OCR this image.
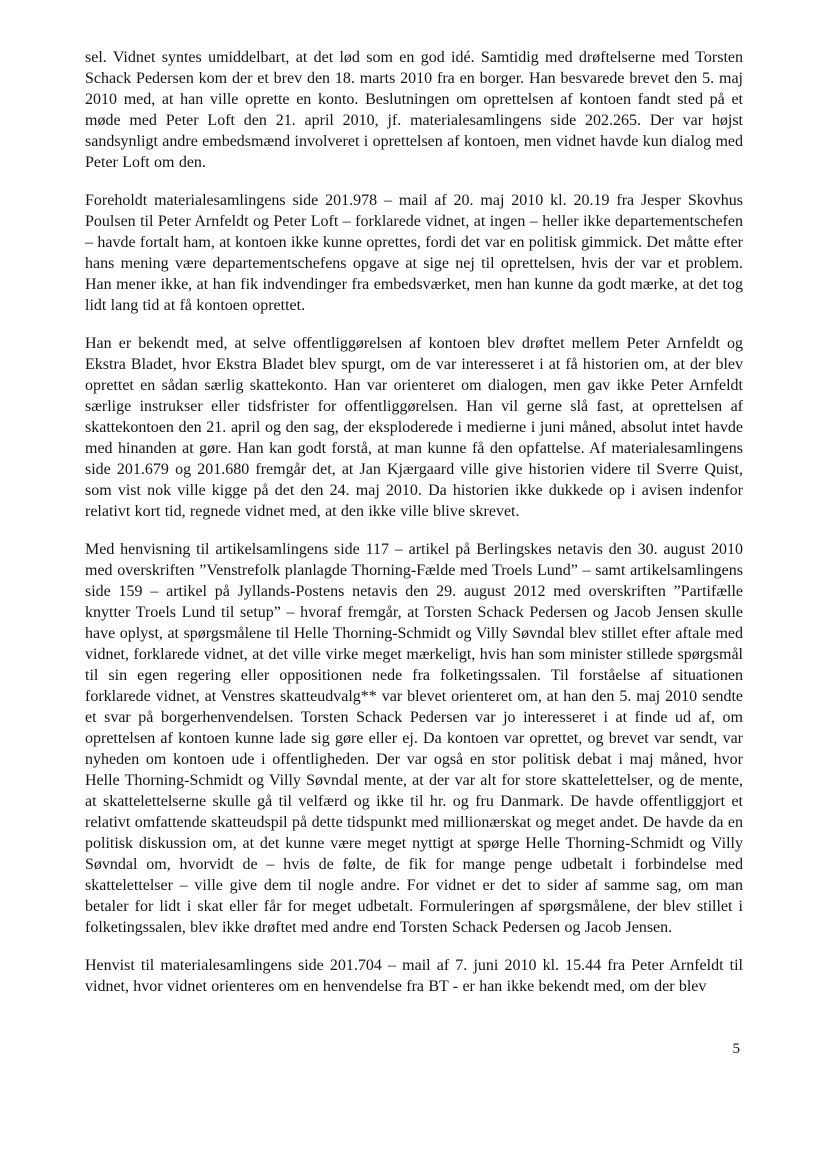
sel. Vidnet syntes umiddelbart, at det lød som en god idé. Samtidig med drøftelserne med Torsten Schack Pedersen kom der et brev den 18. marts 2010 fra en borger. Han besvarede brevet den 5. maj 2010 med, at han ville oprette en konto. Beslutningen om oprettelsen af kontoen fandt sted på et møde med Peter Loft den 21. april 2010, jf. materialesamlingens side 202.265. Der var højst sandsynligt andre embedsmænd involveret i oprettelsen af kontoen, men vidnet havde kun dialog med Peter Loft om den.

Foreholdt materialesamlingens side 201.978 – mail af 20. maj 2010 kl. 20.19 fra Jesper Skovhus Poulsen til Peter Arnfeldt og Peter Loft – forklarede vidnet, at ingen – heller ikke departementschefen – havde fortalt ham, at kontoen ikke kunne oprettes, fordi det var en politisk gimmick. Det måtte efter hans mening være departementschefens opgave at sige nej til oprettelsen, hvis der var et problem. Han mener ikke, at han fik indvendinger fra embedsværket, men han kunne da godt mærke, at det tog lidt lang tid at få kontoen oprettet.

Han er bekendt med, at selve offentliggørelsen af kontoen blev drøftet mellem Peter Arnfeldt og Ekstra Bladet, hvor Ekstra Bladet blev spurgt, om de var interesseret i at få historien om, at der blev oprettet en sådan særlig skattekonto. Han var orienteret om dialogen, men gav ikke Peter Arnfeldt særlige instrukser eller tidsfrister for offentliggørelsen. Han vil gerne slå fast, at oprettelsen af skattekontoen den 21. april og den sag, der eksploderede i medierne i juni måned, absolut intet havde med hinanden at gøre. Han kan godt forstå, at man kunne få den opfattelse. Af materialesamlingens side 201.679 og 201.680 fremgår det, at Jan Kjærgaard ville give historien videre til Sverre Quist, som vist nok ville kigge på det den 24. maj 2010. Da historien ikke dukkede op i avisen indenfor relativt kort tid, regnede vidnet med, at den ikke ville blive skrevet.

Med henvisning til artikelsamlingens side 117 – artikel på Berlingskes netavis den 30. august 2010 med overskriften ”Venstrefolk planlagde Thorning-Fælde med Troels Lund” – samt artikelsamlingens side 159 – artikel på Jyllands-Postens netavis den 29. august 2012 med overskriften ”Partifælle knytter Troels Lund til setup” – hvoraf fremgår, at Torsten Schack Pedersen og Jacob Jensen skulle have oplyst, at spørgsmålene til Helle Thorning-Schmidt og Villy Søvndal blev stillet efter aftale med vidnet, forklarede vidnet, at det ville virke meget mærkeligt, hvis han som minister stillede spørgsmål til sin egen regering eller oppositionen nede fra folketingssalen. Til forståelse af situationen forklarede vidnet, at Venstres skatteudvalg** var blevet orienteret om, at han den 5. maj 2010 sendte et svar på borgerhenvendelsen. Torsten Schack Pedersen var jo interesseret i at finde ud af, om oprettelsen af kontoen kunne lade sig gøre eller ej. Da kontoen var oprettet, og brevet var sendt, var nyheden om kontoen ude i offentligheden. Der var også en stor politisk debat i maj måned, hvor Helle Thorning-Schmidt og Villy Søvndal mente, at der var alt for store skattelettelser, og de mente, at skattelettelserne skulle gå til velfærd og ikke til hr. og fru Danmark. De havde offentliggjort et relativt omfattende skatteudspil på dette tidspunkt med millionærskat og meget andet. De havde da en politisk diskussion om, at det kunne være meget nyttigt at spørge Helle Thorning-Schmidt og Villy Søvndal om, hvorvidt de – hvis de følte, de fik for mange penge udbetalt i forbindelse med skattelettelser – ville give dem til nogle andre. For vidnet er det to sider af samme sag, om man betaler for lidt i skat eller får for meget udbetalt. Formuleringen af spørgsmålene, der blev stillet i folketingssalen, blev ikke drøftet med andre end Torsten Schack Pedersen og Jacob Jensen.

Henvist til materialesamlingens side 201.704 – mail af 7. juni 2010 kl. 15.44 fra Peter Arnfeldt til vidnet, hvor vidnet orienteres om en henvendelse fra BT - er han ikke bekendt med, om der blev

5
